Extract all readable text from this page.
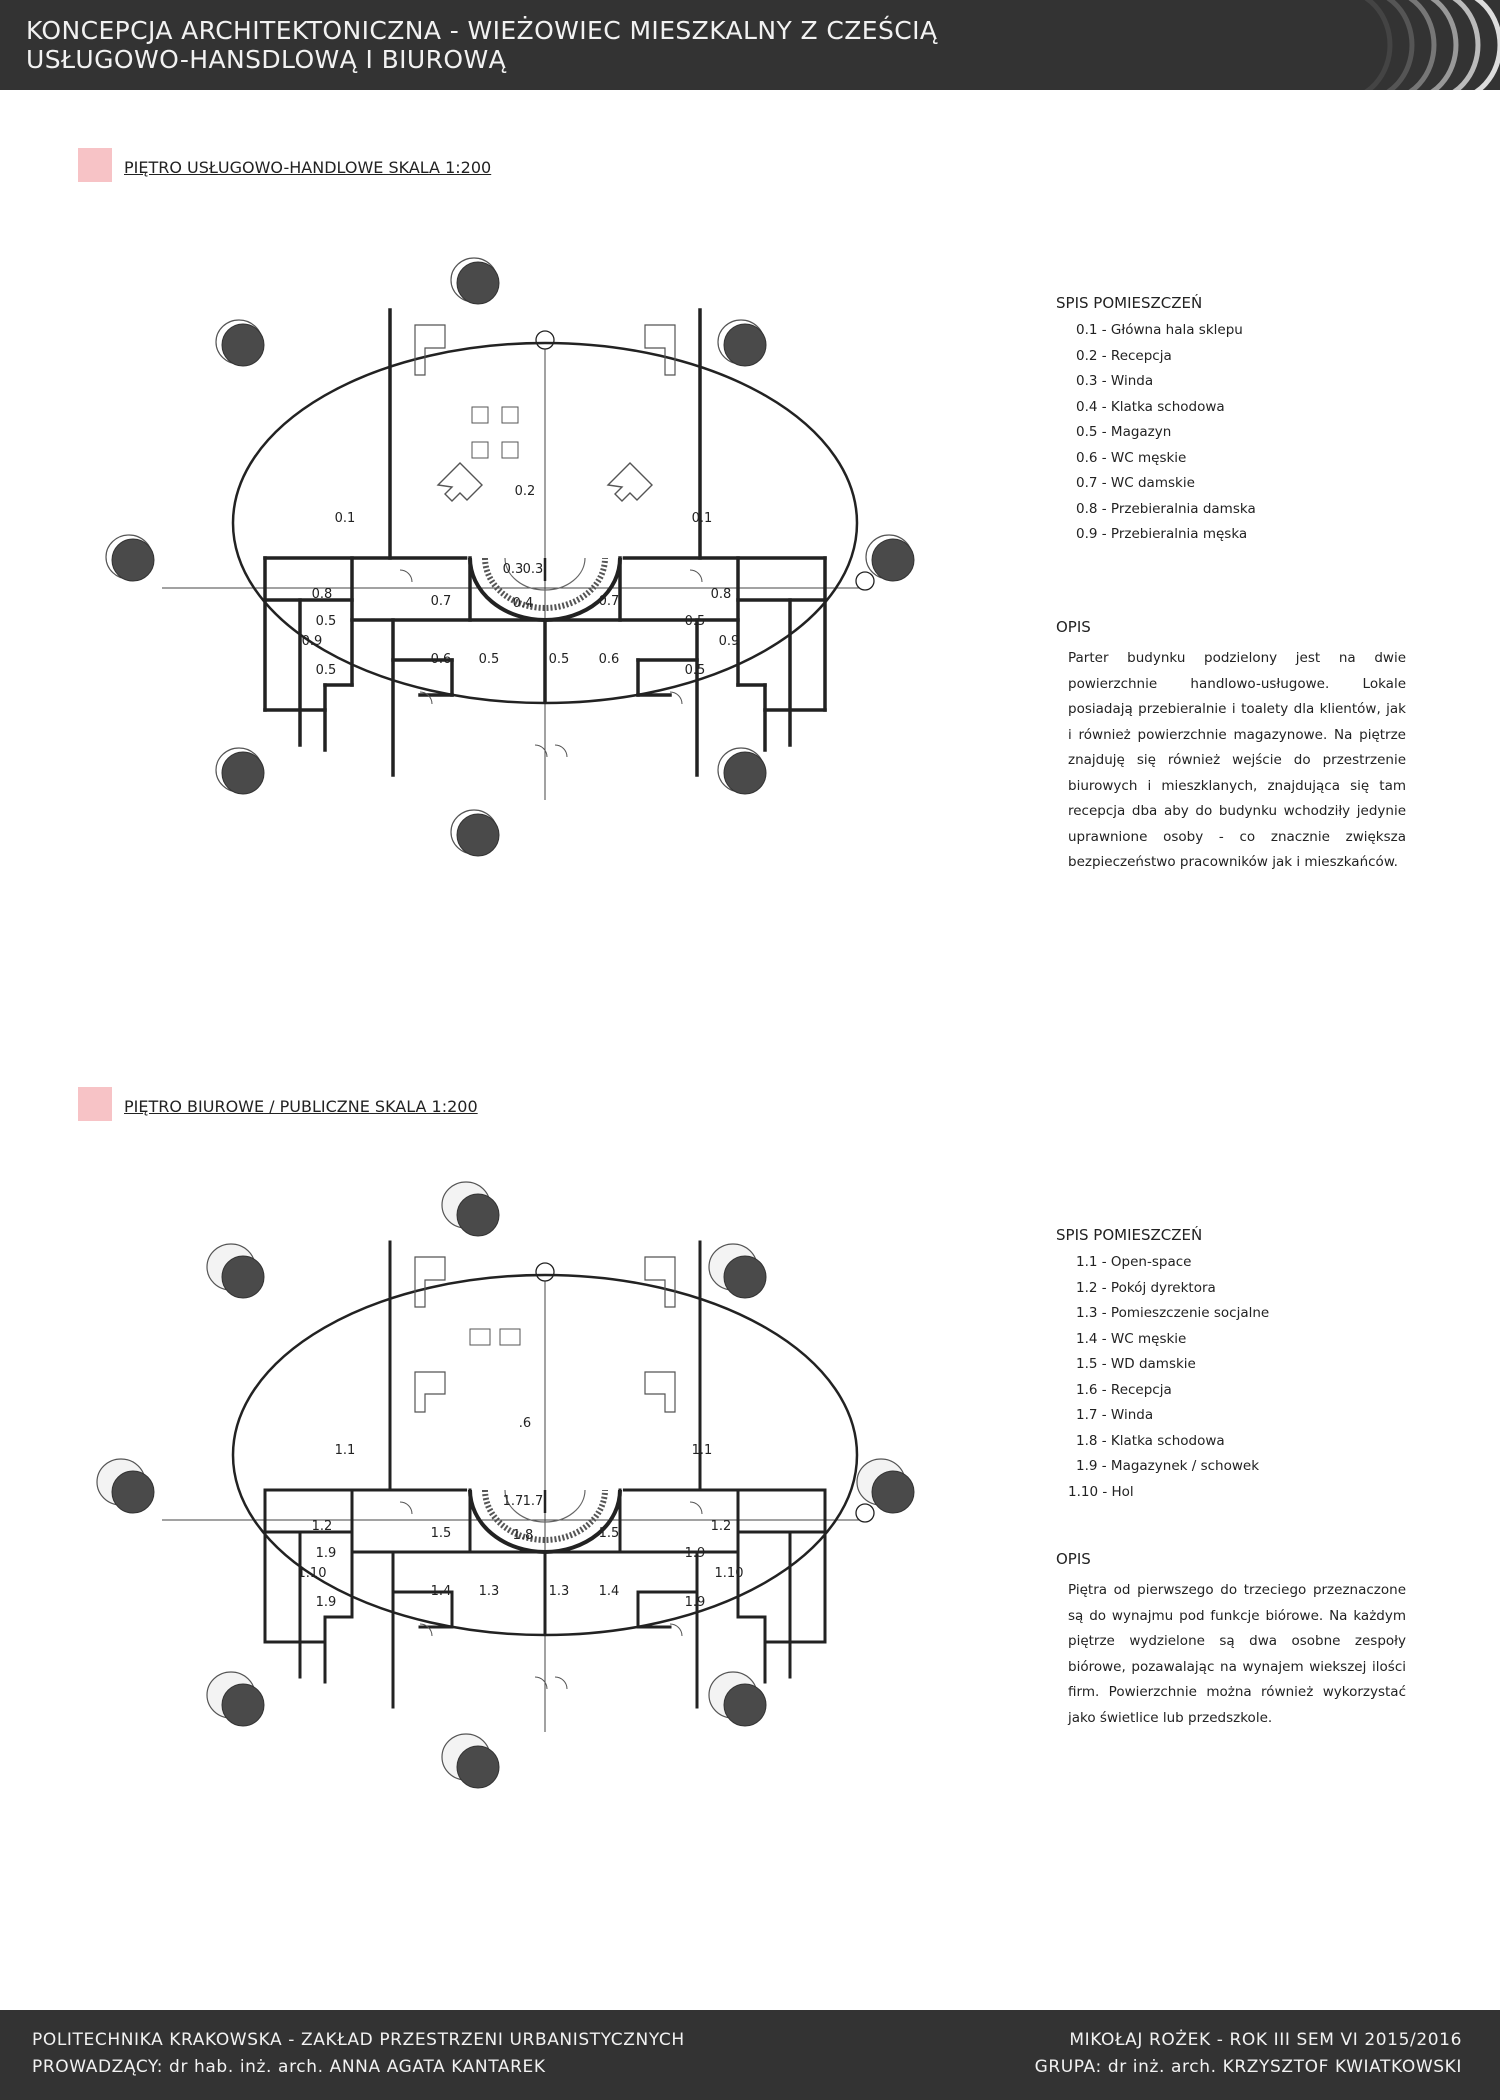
KONCEPCJA ARCHITEKTONICZNA - WIEŻOWIEC MIESZKALNY Z CZEŚCIĄ
USŁUGOWO-HANSDLOWĄ I BIUROWĄ
PIĘTRO USŁUGOWO-HANDLOWE SKALA 1:200
0.1	0.1
0.2
0.3 0.3
0.4
0.8
0.9
0.5
0.5
0.7
0.6 0.5
0.8
0.9
0.5
0.5
0.7
0.6
0.5
SPIS POMIESZCZEŃ
0.1 - Główna hala sklepu
0.2 - Recepcja
0.3 - Winda
0.4 - Klatka schodowa
0.5 - Magazyn
0.6 - WC męskie
0.7 - WC damskie
0.8 - Przebieralnia damska
0.9 - Przebieralnia męska
OPIS

Parter budynku podzielony jest na dwie powierzchnie handlowo-usługowe. Lokale posiadają przebieralnie i toalety dla klientów, jak i również powierzchnie magazynowe. Na piętrze znajduję się również wejście do przestrzenie biurowych i mieszklanych, znajdująca się tam recepcja dba aby do budynku wchodziły jedynie uprawnione osoby - co znacznie zwiększa bezpieczeństwo pracowników jak i mieszkańców.

PIĘTRO BIUROWE / PUBLICZNE SKALA 1:200
1.1	1.1
.6
1.7 1.7
1.8
1.2
1.10
1.9
1.9
1.5
1.4 1.3
1.2
1.10
1.9
1.9
1.5
1.4
1.3
SPIS POMIESZCZEŃ
1.1 - Open-space
1.2 - Pokój dyrektora
1.3 - Pomieszczenie socjalne
1.4 - WC męskie
1.5 - WD damskie
1.6 - Recepcja
1.7 - Winda
1.8 - Klatka schodowa
1.9 - Magazynek / schowek
1.10 - Hol
OPIS

Piętra od pierwszego do trzeciego przeznaczone są do wynajmu pod funkcje biórowe. Na każdym piętrze wydzielone są dwa osobne zespoły biórowe, pozawalając na wynajem wiekszej ilości firm. Powierzchnie można również wykorzystać jako świetlice lub przedszkole.

POLITECHNIKA KRAKOWSKA - ZAKŁAD PRZESTRZENI URBANISTYCZNYCH
PROWADZĄCY: dr hab. inż. arch. ANNA AGATA KANTAREK
MIKOŁAJ ROŻEK - ROK III SEM VI 2015/2016
GRUPA: dr inż. arch. KRZYSZTOF KWIATKOWSKI
